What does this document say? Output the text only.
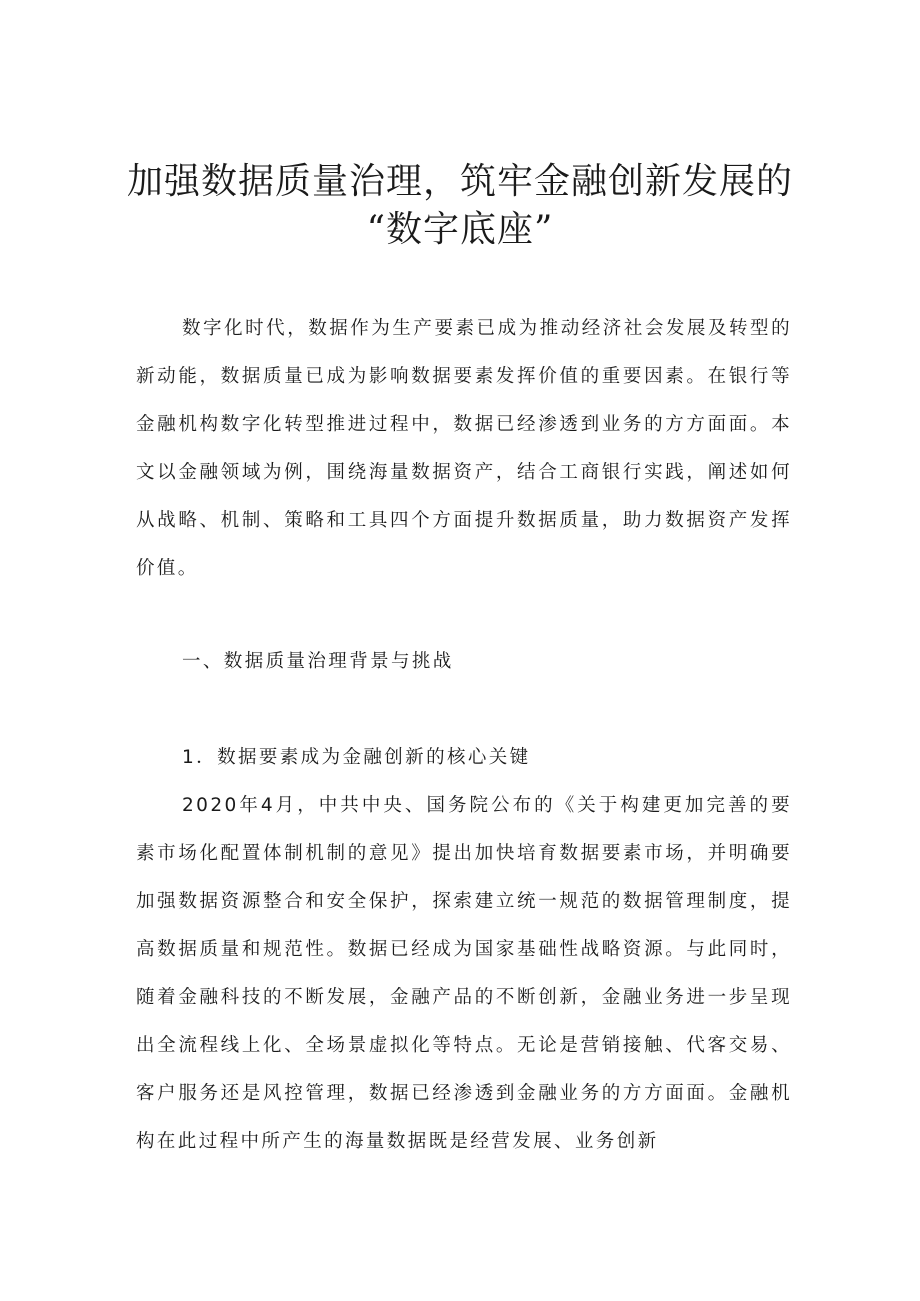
加强数据质量治理，筑牢金融创新发展的
“数字底座”

数字化时代，数据作为生产要素已成为推动经济社会发展及转型的新动能，数据质量已成为影响数据要素发挥价值的重要因素。在银行等金融机构数字化转型推进过程中，数据已经渗透到业务的方方面面。本文以金融领域为例，围绕海量数据资产，结合工商银行实践，阐述如何从战略、机制、策略和工具四个方面提升数据质量，助力数据资产发挥价值。

一、数据质量治理背景与挑战

1．数据要素成为金融创新的核心关键

2020年4月，中共中央、国务院公布的《关于构建更加完善的要素市场化配置体制机制的意见》提出加快培育数据要素市场，并明确要加强数据资源整合和安全保护，探索建立统一规范的数据管理制度，提高数据质量和规范性。数据已经成为国家基础性战略资源。与此同时，随着金融科技的不断发展，金融产品的不断创新，金融业务进一步呈现出全流程线上化、全场景虚拟化等特点。无论是营销接触、代客交易、客户服务还是风控管理，数据已经渗透到金融业务的方方面面。金融机构在此过程中所产生的海量数据既是经营发展、业务创新
